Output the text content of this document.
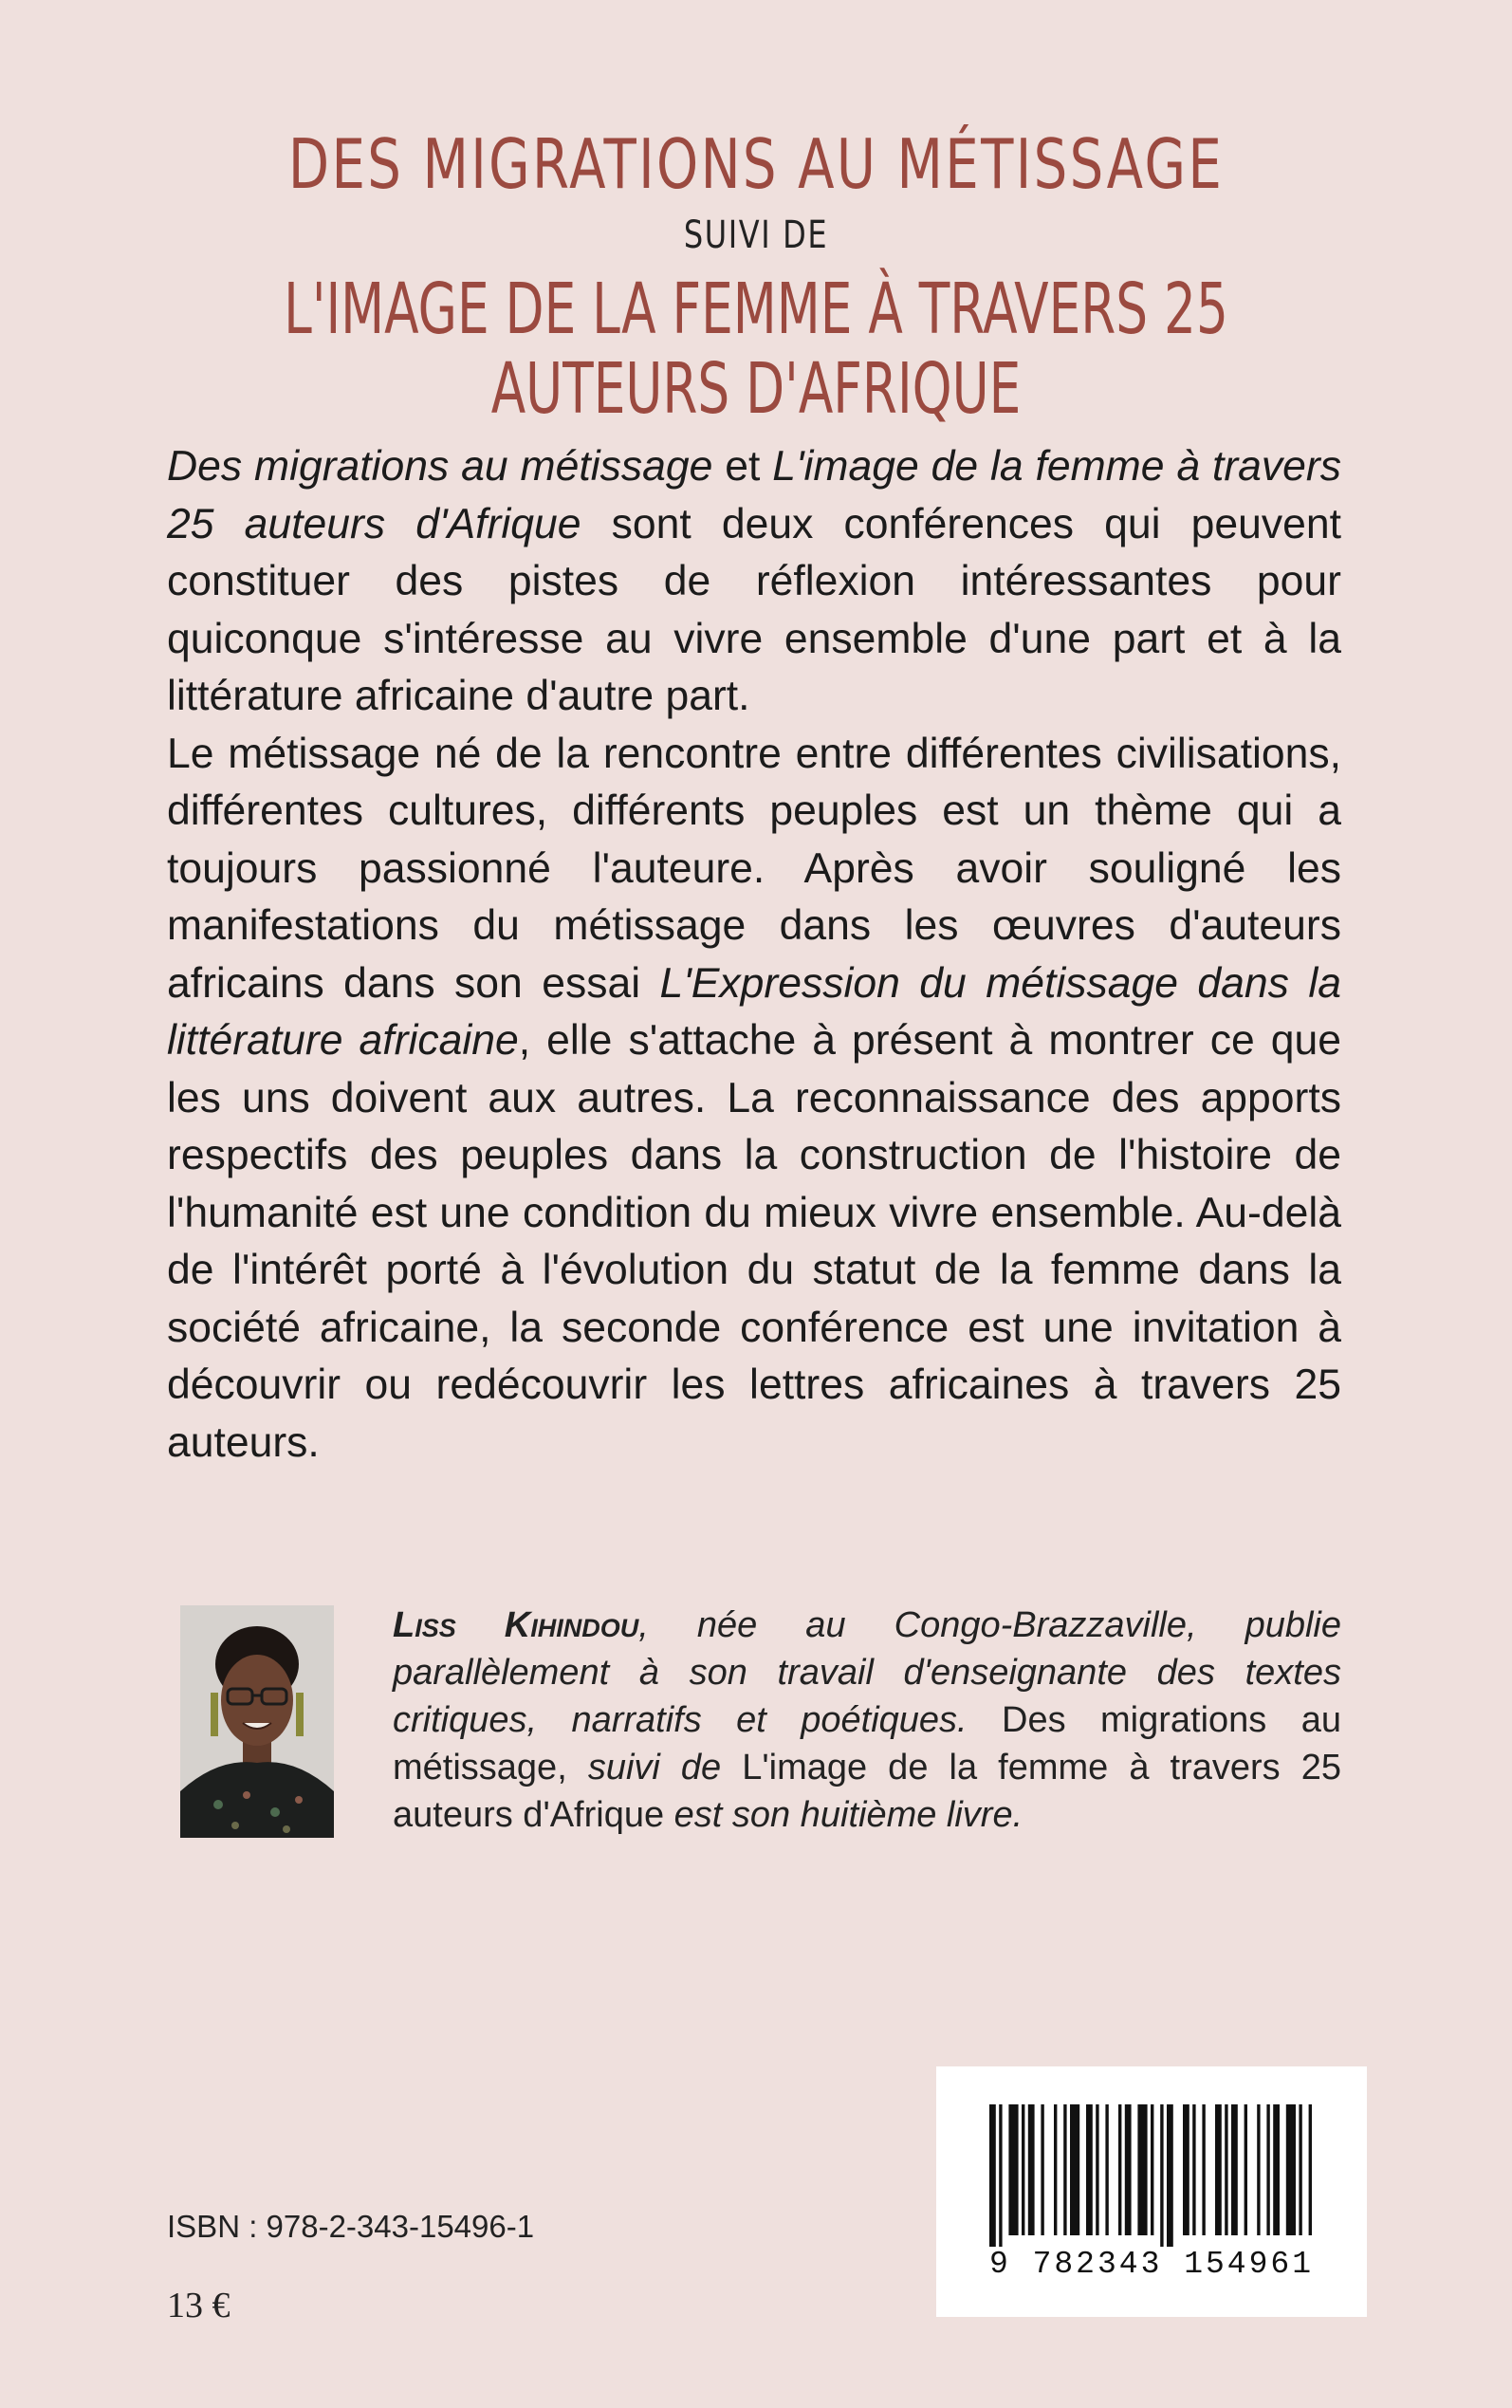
DES MIGRATIONS AU MÉTISSAGE
SUIVI DE
L'IMAGE DE LA FEMME À TRAVERS 25 AUTEURS D'AFRIQUE

Des migrations au métissage et L'image de la femme à travers 25 auteurs d'Afrique sont deux conférences qui peuvent constituer des pistes de réflexion intéressantes pour quiconque s'intéresse au vivre ensemble d'une part et à la littérature africaine d'autre part.

Le métissage né de la rencontre entre différentes civilisations, différentes cultures, différents peuples est un thème qui a toujours passionné l'auteure. Après avoir souligné les manifestations du métissage dans les œuvres d'auteurs africains dans son essai L'Expression du métissage dans la littérature africaine, elle s'attache à présent à montrer ce que les uns doivent aux autres. La reconnaissance des apports respectifs des peuples dans la construction de l'histoire de l'humanité est une condition du mieux vivre ensemble. Au-delà de l'intérêt porté à l'évolution du statut de la femme dans la société africaine, la seconde conférence est une invitation à découvrir ou redécouvrir les lettres africaines à travers 25 auteurs.

Liss Kihindou, née au Congo-Brazzaville, publie parallèlement à son travail d'enseignante des textes critiques, narratifs et poétiques. Des migrations au métissage, suivi de L'image de la femme à travers 25 auteurs d'Afrique est son huitième livre.
9 782343 154961
ISBN : 978-2-343-15496-1
13 €
